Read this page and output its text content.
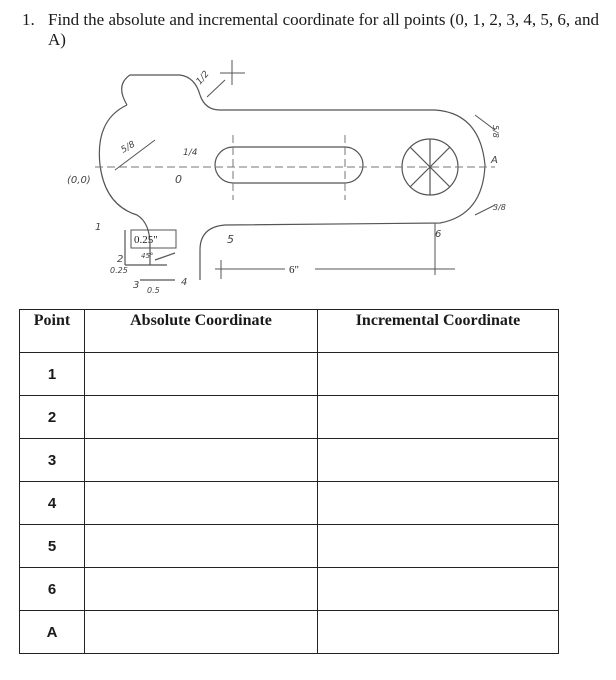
1. Find the absolute and incremental coordinate for all points (0, 1, 2, 3, 4, 5, 6, and A)
(0,0)	0
1
2
3	4
5	6
A
5/8	1/4
1/2
0.25"
0.25
0.5
45°
6"
5/8
3/8
Point	Absolute Coordinate	Incremental Coordinate
1		
2		
3		
4		
5		
6		
A		
